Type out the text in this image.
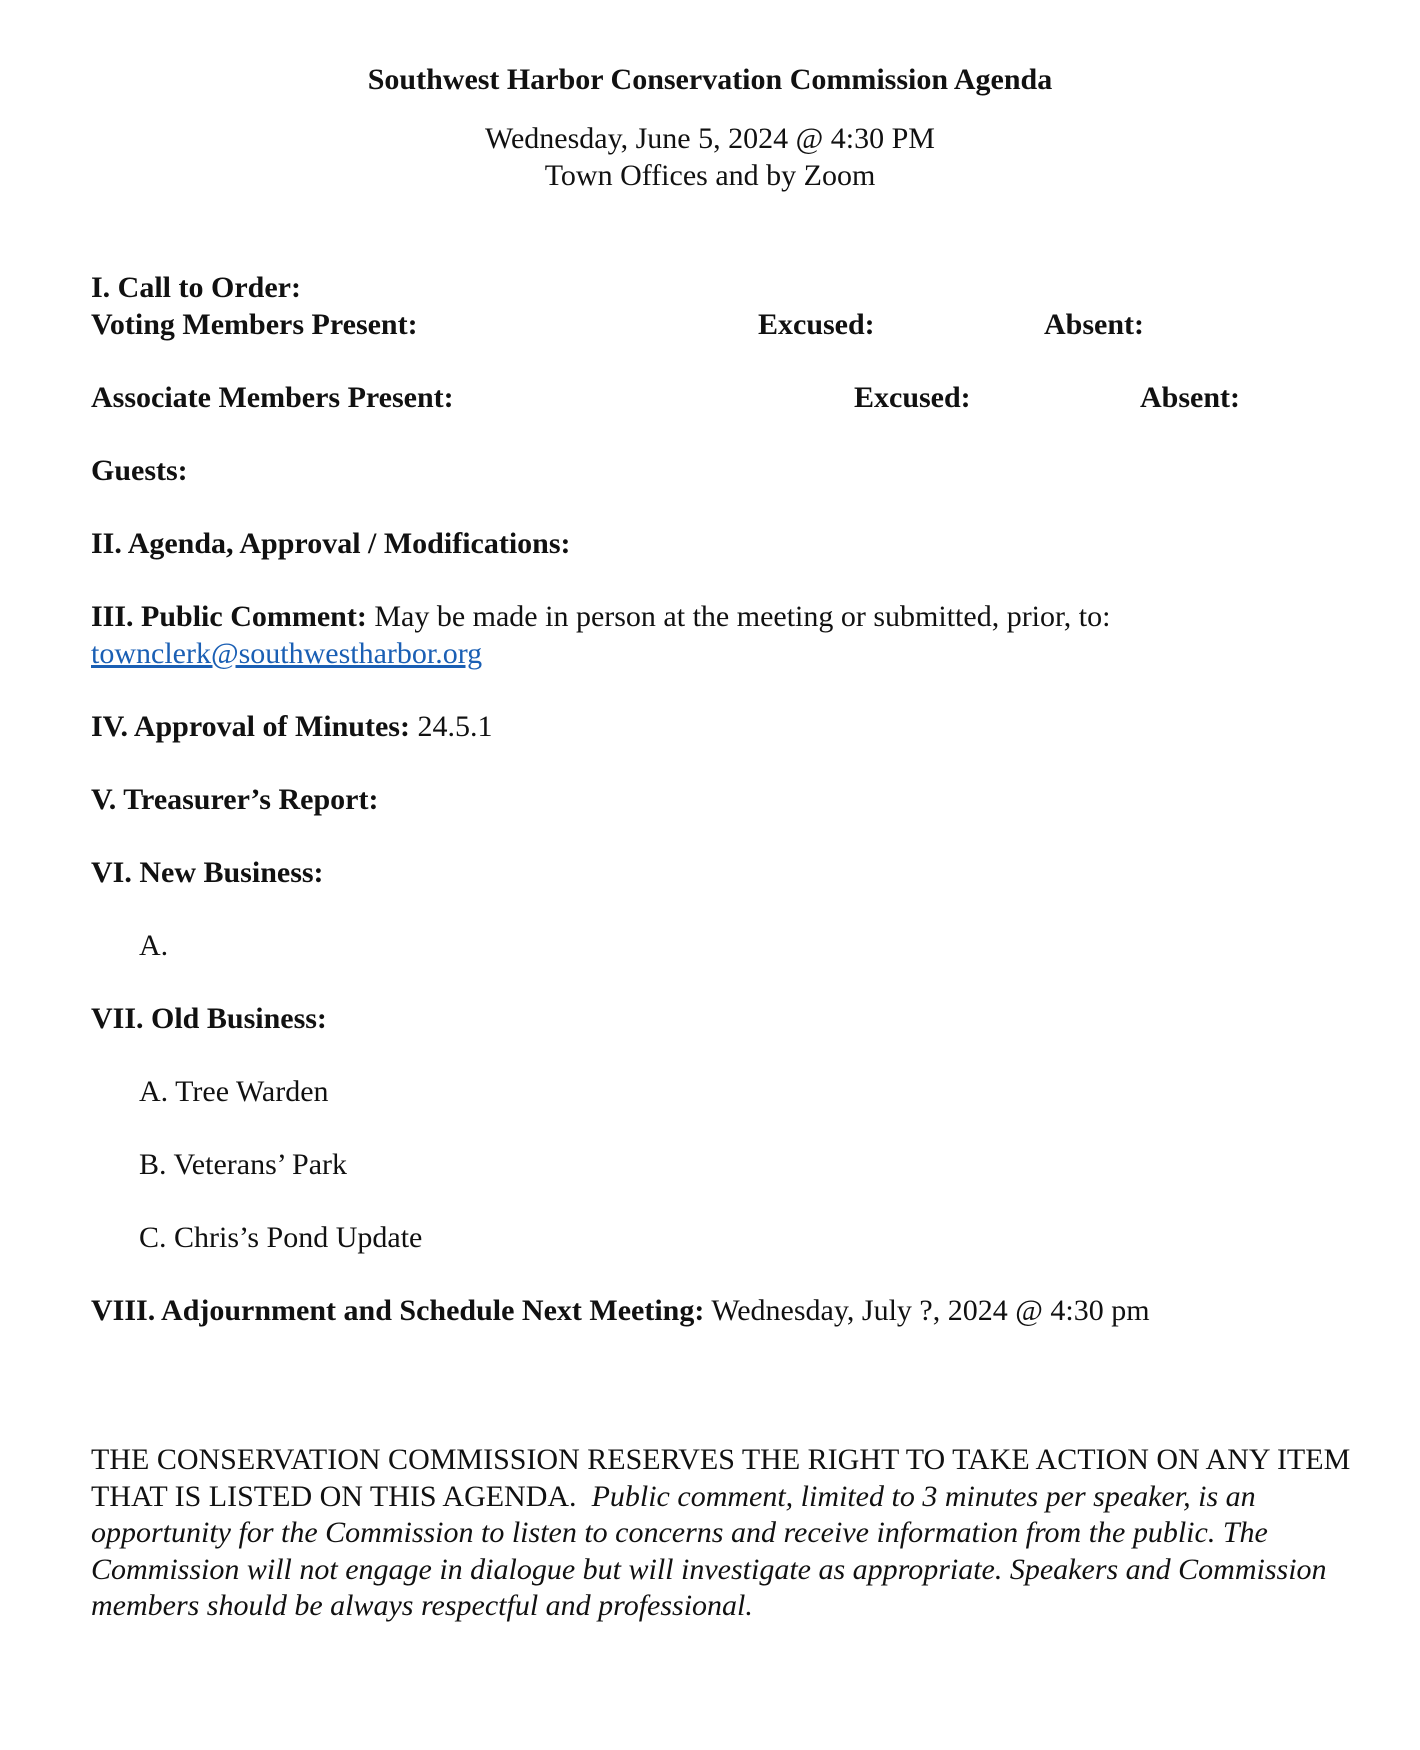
Southwest Harbor Conservation Commission Agenda
Wednesday, June 5, 2024 @ 4:30 PM
Town Offices and by Zoom
I. Call to Order:
Voting Members Present:	Excused:	Absent:
Associate Members Present:	Excused:	Absent:
Guests:
II. Agenda, Approval / Modifications:
III. Public Comment: May be made in person at the meeting or submitted, prior, to:
townclerk@southwestharbor.org
IV. Approval of Minutes: 24.5.1
V. Treasurer’s Report:
VI. New Business:
A.
VII. Old Business:
A. Tree Warden
B. Veterans’ Park
C. Chris’s Pond Update
VIII. Adjournment and Schedule Next Meeting: Wednesday, July ?, 2024 @ 4:30 pm
THE CONSERVATION COMMISSION RESERVES THE RIGHT TO TAKE ACTION ON ANY ITEM THAT IS LISTED ON THIS AGENDA. Public comment, limited to 3 minutes per speaker, is an opportunity for the Commission to listen to concerns and receive information from the public. The Commission will not engage in dialogue but will investigate as appropriate. Speakers and Commission members should be always respectful and professional.
